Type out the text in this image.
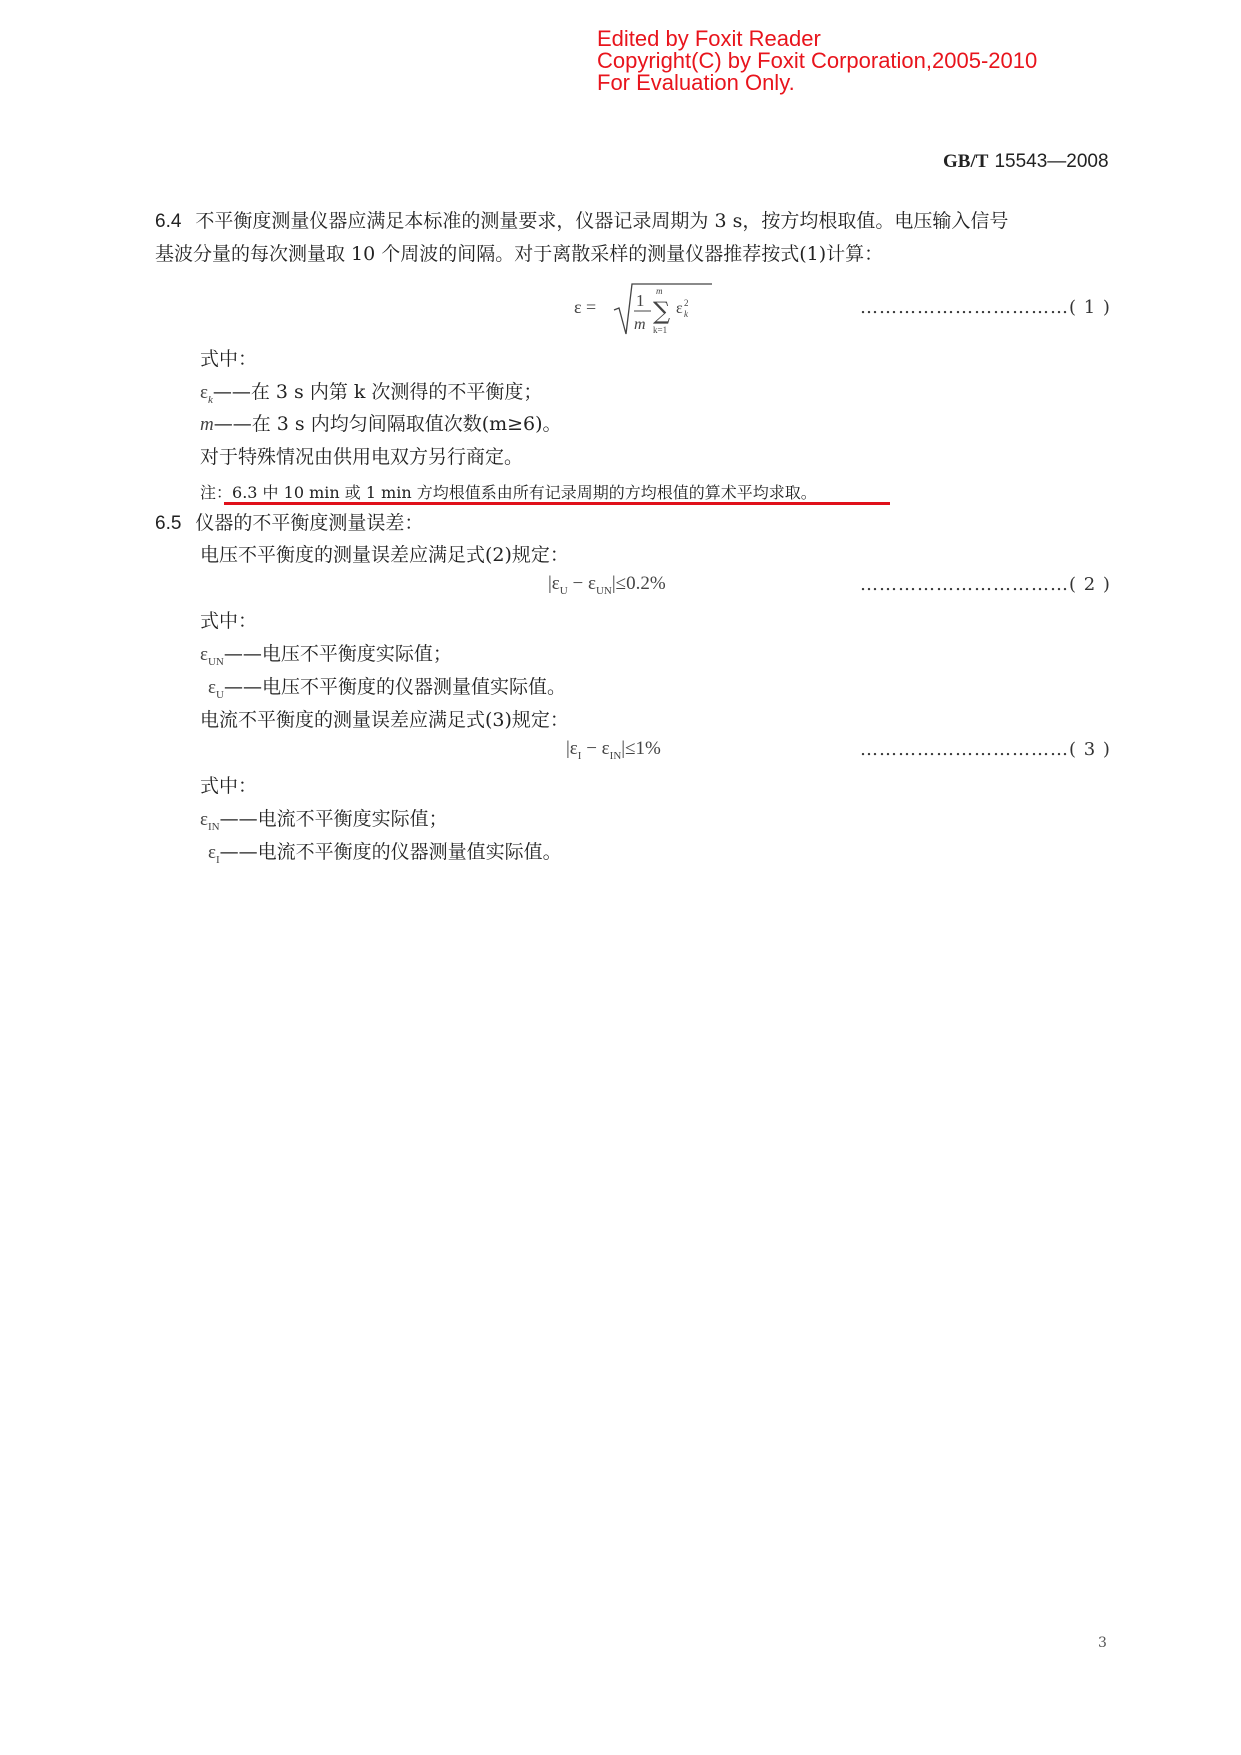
Edited by Foxit Reader
Copyright(C) by Foxit Corporation,2005-2010
For Evaluation Only.
GB/T 15543—2008
6.4 不平衡度测量仪器应满足本标准的测量要求，仪器记录周期为 3 s，按方均根取值。电压输入信号
基波分量的每次测量取 10 个周波的间隔。对于离散采样的测量仪器推荐按式(1)计算：
ε = 1
m
m
∑
k=1
ε 2
k	……………………………( 1 )
式中：
$\varepsilon_k——$在 3 s 内第 k 次测得的不平衡度；
m——在 3 s 内均匀间隔取值次数(m≥6)。
对于特殊情况由供用电双方另行商定。
注：6.3 中 10 min 或 1 min 方均根值系由所有记录周期的方均根值的算术平均求取。
6.5 仪器的不平衡度测量误差：
电压不平衡度的测量误差应满足式(2)规定：
$|\varepsilon_U - \varepsilon_{UN}|\le 0.2\%$	……………………………( 2 )
式中：
$\varepsilon_{UN}——$电压不平衡度实际值；
$\varepsilon_U——$电压不平衡度的仪器测量值实际值。
电流不平衡度的测量误差应满足式(3)规定：
$|\varepsilon_I - \varepsilon_{IN}|\le 1\%$	……………………………( 3 )
式中：
$\varepsilon_{IN}——$电流不平衡度实际值；
$\varepsilon_I——$电流不平衡度的仪器测量值实际值。
3
